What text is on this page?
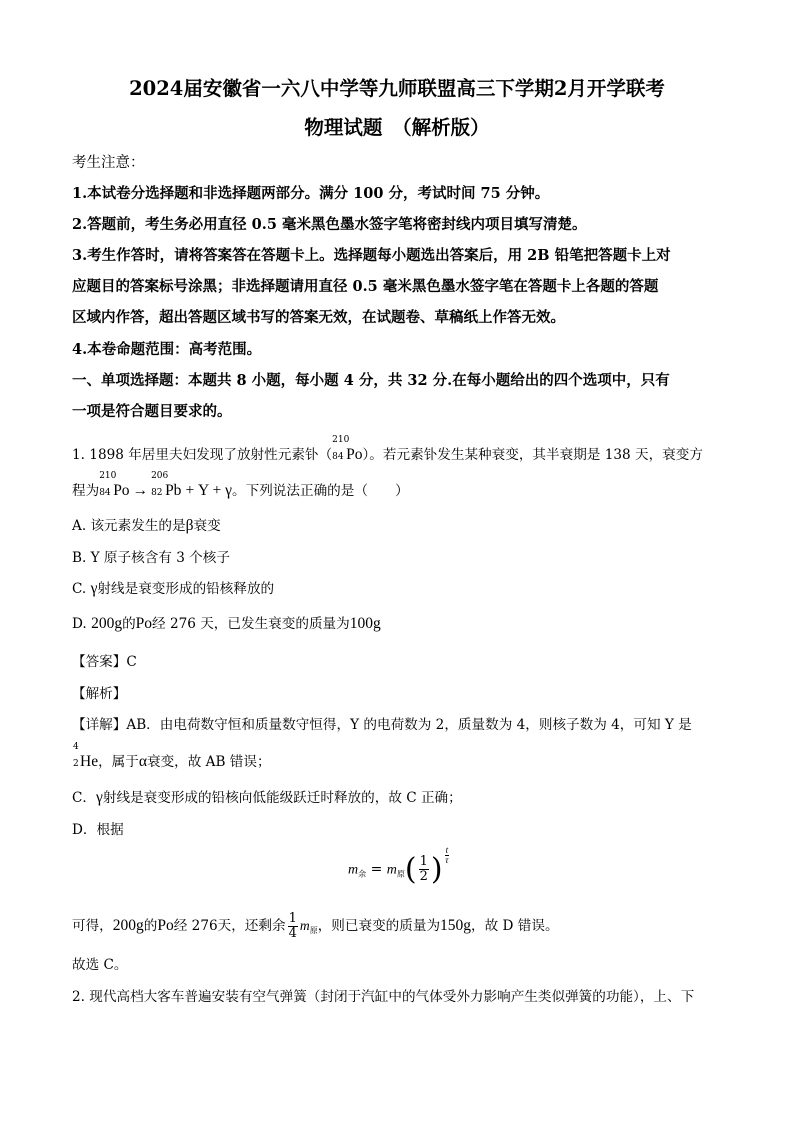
2024届安徽省一六八中学等九师联盟高三下学期2月开学联考
物理试题　（解析版）
考生注意：
1.本试卷分选择题和非选择题两部分。满分 100 分，考试时间 75 分钟。
2.答题前，考生务必用直径 0.5 毫米黑色墨水签字笔将密封线内项目填写清楚。
3.考生作答时，请将答案答在答题卡上。选择题每小题选出答案后，用 2B 铅笔把答题卡上对
应题目的答案标号涂黑；非选择题请用直径 0.5 毫米黑色墨水签字笔在答题卡上各题的答题
区域内作答，超出答题区域书写的答案无效，在试题卷、草稿纸上作答无效。
4.本卷命题范围：高考范围。
一、单项选择题：本题共 8 小题，每小题 4 分，共 32 分.在每小题给出的四个选项中，只有
一项是符合题目要求的。
1. 1898 年居里夫妇发现了放射性元素钋（
210
84 Po）。若元素钋发生某种衰变，其半衰期是 138 天，衰变方
程为
210
84 Po →
206
82 Pb + Y + γ。下列说法正确的是（　　）
A. 该元素发生的是β衰变
B. Y 原子核含有 3 个核子
C. γ射线是衰变形成的铅核释放的
D. 200g的Po经 276 天，已发生衰变的质量为100g
【答案】C
【解析】
【详解】AB．由电荷数守恒和质量数守恒得，Y 的电荷数为 2，质量数为 4，则核子数为 4，可知 Y 是
4
2 He，属于α衰变，故 AB 错误；
C．γ射线是衰变形成的铅核向低能级跃迁时释放的，故 C 正确；
D．根据
$m_余 = m_原( \frac{1}{2}$ ) $\frac{t}{\tau}$
可得，200g的Po经 276天，还剩余 $\frac{1}{4} m_原$，则已衰变的质量为150g，故 D 错误。
故选 C。
2. 现代高档大客车普遍安装有空气弹簧（封闭于汽缸中的气体受外力影响产生类似弹簧的功能），上、下
